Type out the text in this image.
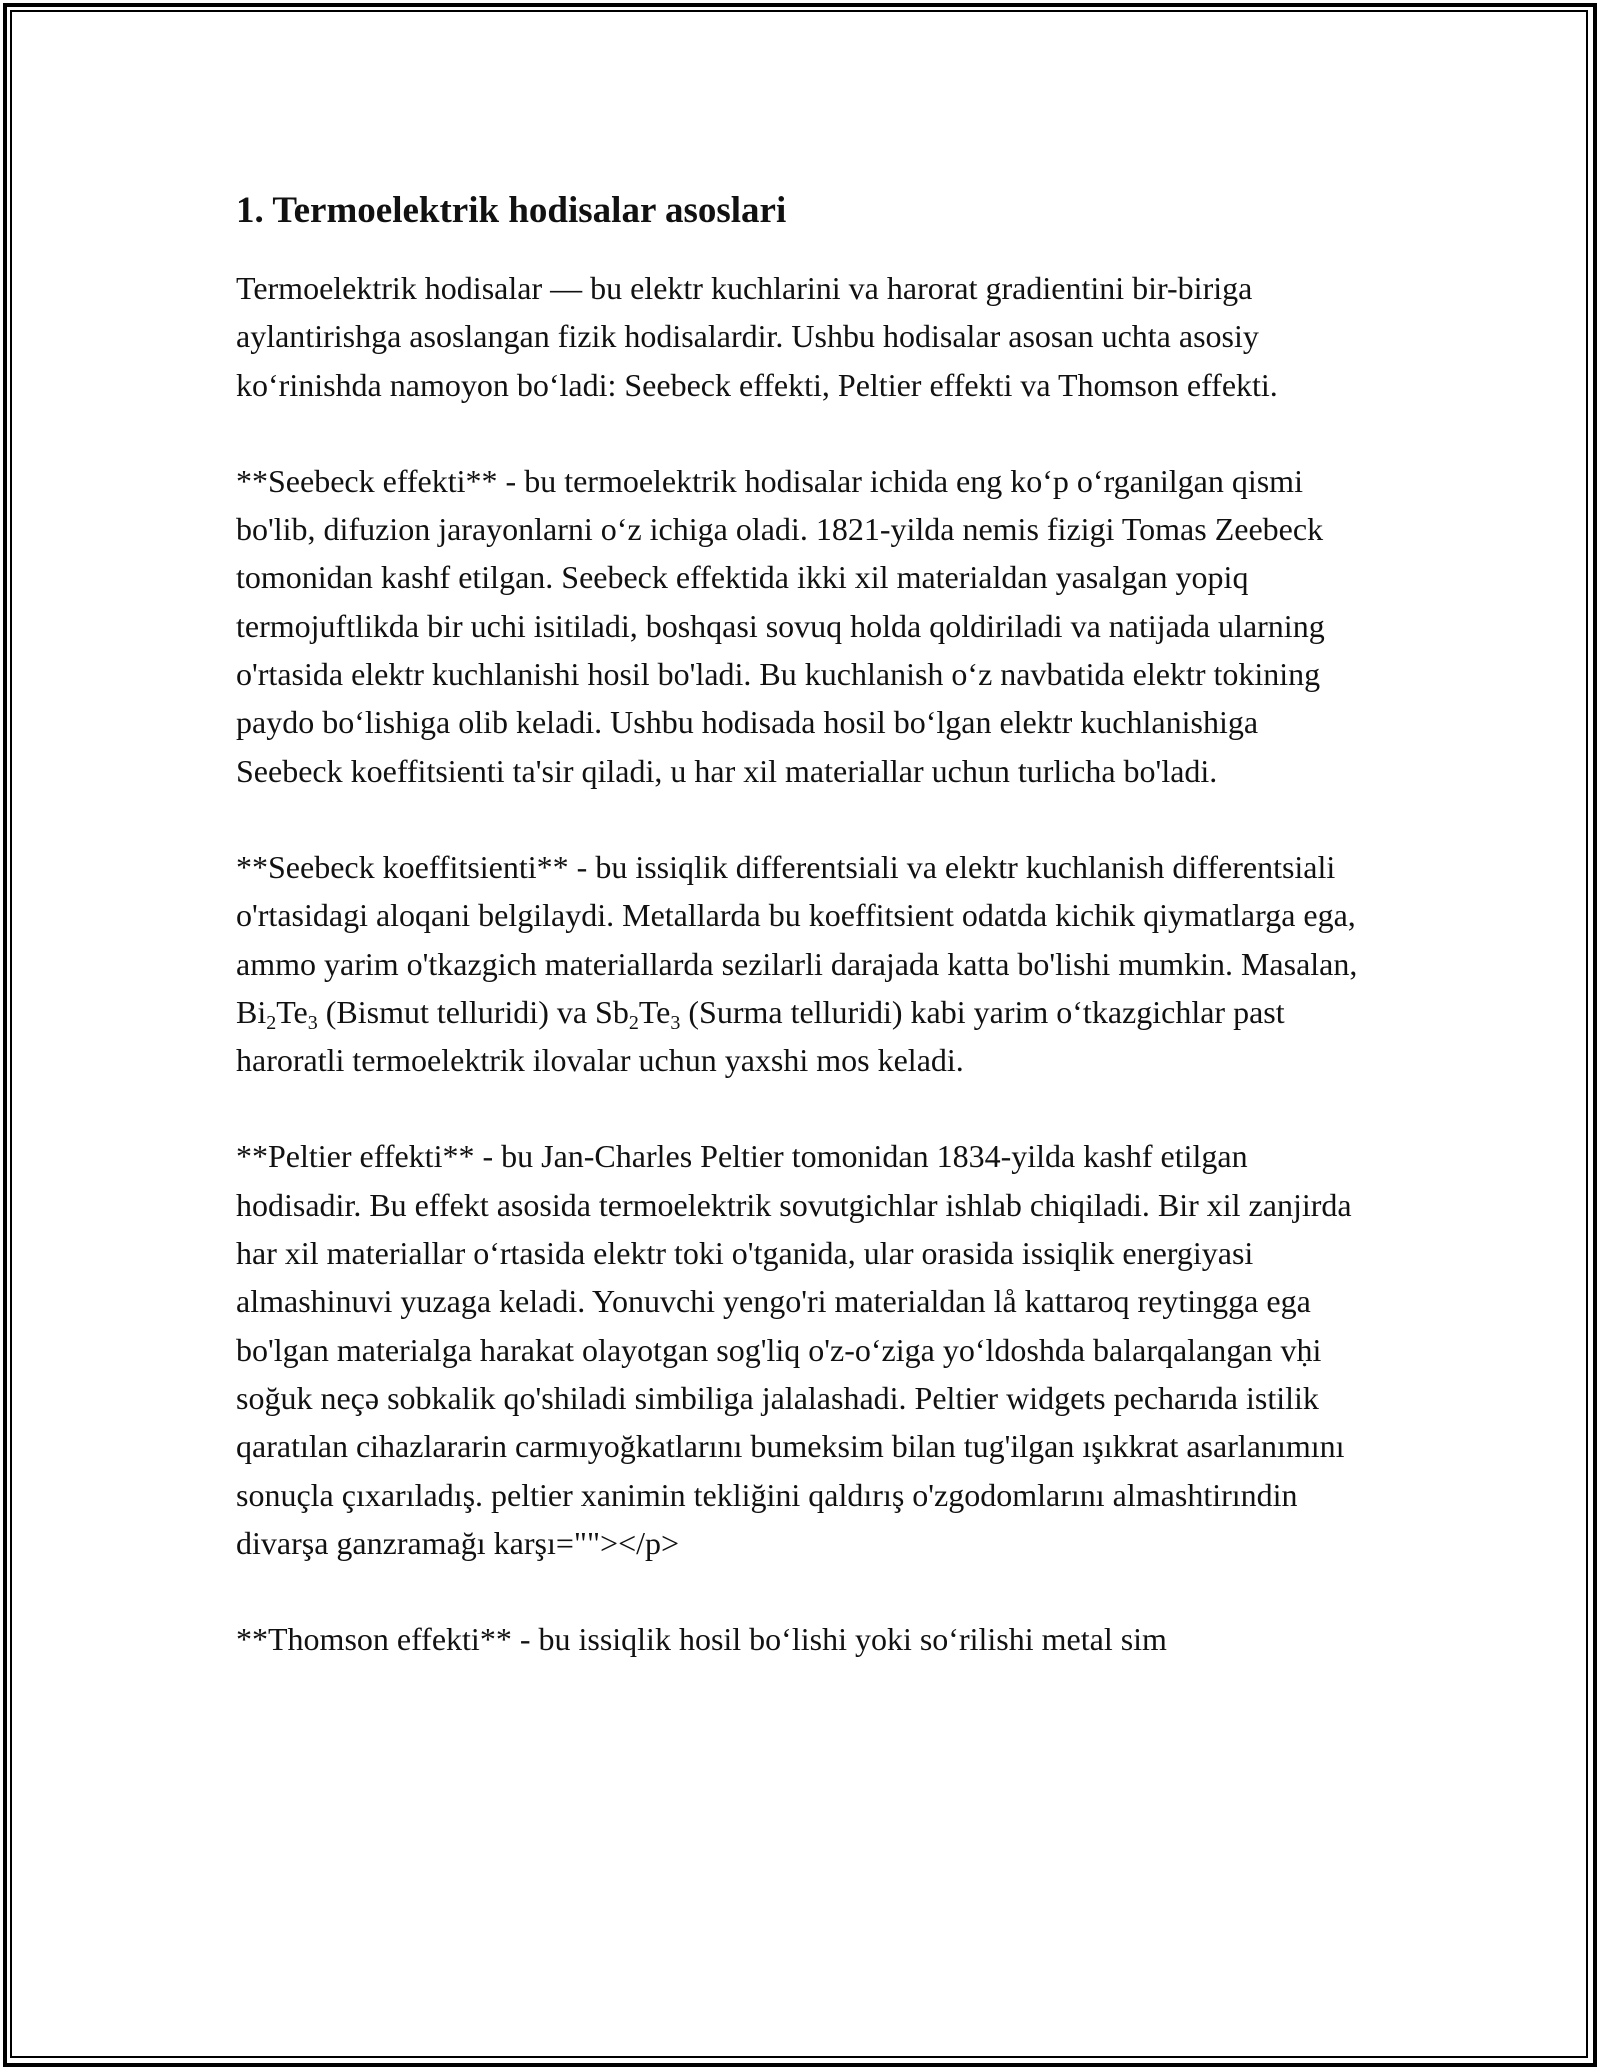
1. Termoelektrik hodisalar asoslari

Termoelektrik hodisalar — bu elektr kuchlarini va harorat gradientini bir-biriga aylantirishga asoslangan fizik hodisalardir. Ushbu hodisalar asosan uchta asosiy koʻrinishda namoyon boʻladi: Seebeck effekti, Peltier effekti va Thomson effekti.

**Seebeck effekti** - bu termoelektrik hodisalar ichida eng koʻp oʻrganilgan qismi bo'lib, difuzion jarayonlarni oʻz ichiga oladi. 1821-yilda nemis fizigi Tomas Zeebeck tomonidan kashf etilgan. Seebeck effektida ikki xil materialdan yasalgan yopiq termojuftlikda bir uchi isitiladi, boshqasi sovuq holda qoldiriladi va natijada ularning o'rtasida elektr kuchlanishi hosil bo'ladi. Bu kuchlanish oʻz navbatida elektr tokining paydo boʻlishiga olib keladi. Ushbu hodisada hosil boʻlgan elektr kuchlanishiga Seebeck koeffitsienti ta'sir qiladi, u har xil materiallar uchun turlicha bo'ladi.

**Seebeck koeffitsienti** - bu issiqlik differentsiali va elektr kuchlanish differentsiali o'rtasidagi aloqani belgilaydi. Metallarda bu koeffitsient odatda kichik qiymatlarga ega, ammo yarim o'tkazgich materiallarda sezilarli darajada katta bo'lishi mumkin. Masalan, $Bi_2Te_3$ (Bismut telluridi) va $Sb_2Te_3$ (Surma telluridi) kabi yarim oʻtkazgichlar past haroratli termoelektrik ilovalar uchun yaxshi mos keladi.

**Peltier effekti** - bu Jan-Charles Peltier tomonidan 1834-yilda kashf etilgan hodisadir. Bu effekt asosida termoelektrik sovutgichlar ishlab chiqiladi. Bir xil zanjirda har xil materiallar oʻrtasida elektr toki o'tganida, ular orasida issiqlik energiyasi almashinuvi yuzaga keladi. Yonuvchi yengo'ri materialdan lå kattaroq reytingga ega bo'lgan materialga harakat olayotgan sog'liq o'z-oʻziga yoʻldoshda balarqalangan vḥi soğuk neçə sobkalik qo'shiladi simbiliga jalalashadi. Peltier widgets pecharıda istilik qaratılan cihazlararin carmıyoğkatlarını bumeksim bilan tug'ilgan ışıkkrat asarlanımını sonuçla çıxarıladış. peltier xanimin tekliğini qaldırış o'zgodomlarını almashtirındin divarşa ganzramağı karşı=""></p>

**Thomson effekti** - bu issiqlik hosil boʻlishi yoki soʻrilishi metal sim
